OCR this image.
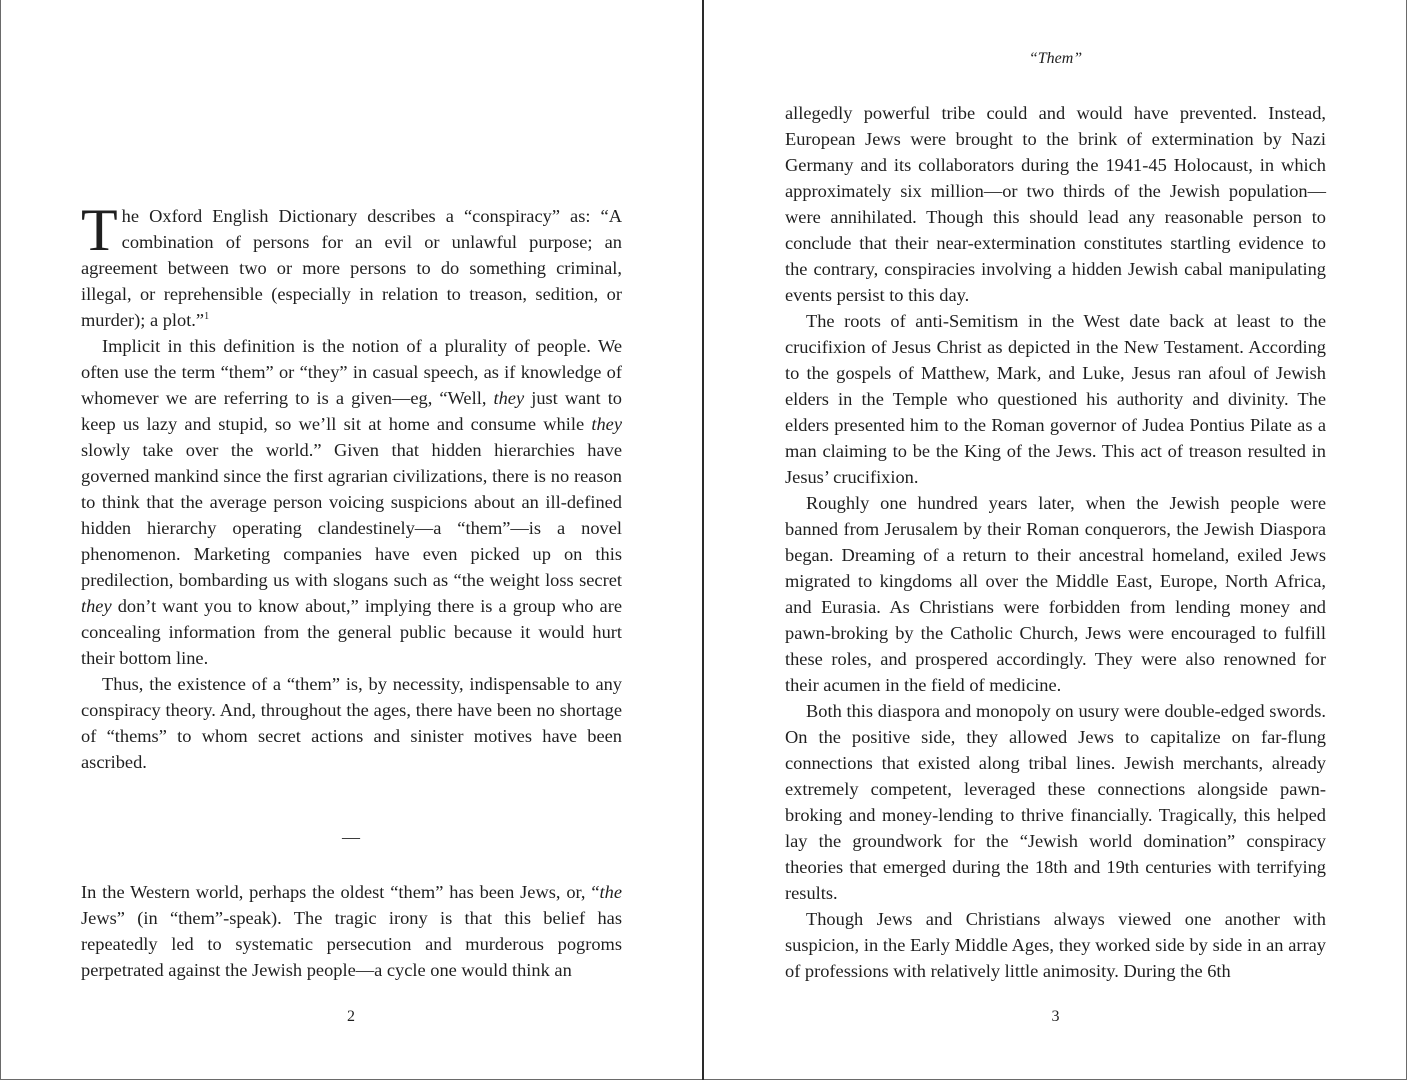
The Oxford English Dictionary describes a “conspiracy” as: “A combination of persons for an evil or unlawful purpose; an agreement between two or more persons to do something criminal, illegal, or reprehensible (especially in relation to treason, sedition, or murder); a plot.”$^1$

Implicit in this definition is the notion of a plurality of people. We often use the term “them” or “they” in casual speech, as if knowledge of whomever we are referring to is a given—eg, “Well, they just want to keep us lazy and stupid, so we’ll sit at home and consume while they slowly take over the world.” Given that hidden hierarchies have governed mankind since the first agrarian civilizations, there is no reason to think that the average person voicing suspicions about an ill-defined hidden hierarchy operating clandestinely—a “them”—is a novel phenomenon. Marketing companies have even picked up on this predilection, bombarding us with slogans such as “the weight loss secret they don’t want you to know about,” implying there is a group who are concealing information from the general public because it would hurt their bottom line.

Thus, the existence of a “them” is, by necessity, indispensable to any conspiracy theory. And, throughout the ages, there have been no shortage of “thems” to whom secret actions and sinister motives have been ascribed.

—

In the Western world, perhaps the oldest “them” has been Jews, or, “the Jews” (in “them”-speak). The tragic irony is that this belief has repeatedly led to systematic persecution and murderous pogroms perpetrated against the Jewish people—a cycle one would think an

2
“Them”

allegedly powerful tribe could and would have prevented. Instead, European Jews were brought to the brink of extermination by Nazi Germany and its collaborators during the 1941-45 Holocaust, in which approximately six million—or two thirds of the Jewish population—were annihilated. Though this should lead any reasonable person to conclude that their near-extermination constitutes startling evidence to the contrary, conspiracies involving a hidden Jewish cabal manipulating events persist to this day.

The roots of anti-Semitism in the West date back at least to the crucifixion of Jesus Christ as depicted in the New Testament. According to the gospels of Matthew, Mark, and Luke, Jesus ran afoul of Jewish elders in the Temple who questioned his authority and divinity. The elders presented him to the Roman governor of Judea Pontius Pilate as a man claiming to be the King of the Jews. This act of treason resulted in Jesus’ crucifixion.

Roughly one hundred years later, when the Jewish people were banned from Jerusalem by their Roman conquerors, the Jewish Diaspora began. Dreaming of a return to their ancestral homeland, exiled Jews migrated to kingdoms all over the Middle East, Europe, North Africa, and Eurasia. As Christians were forbidden from lending money and pawn-broking by the Catholic Church, Jews were encouraged to fulfill these roles, and prospered accordingly. They were also renowned for their acumen in the field of medicine.

Both this diaspora and monopoly on usury were double-edged swords. On the positive side, they allowed Jews to capitalize on far-flung connections that existed along tribal lines. Jewish merchants, already extremely competent, leveraged these connections alongside pawn-broking and money-lending to thrive financially. Tragically, this helped lay the groundwork for the “Jewish world domination” conspiracy theories that emerged during the 18th and 19th centuries with terrifying results.

Though Jews and Christians always viewed one another with suspicion, in the Early Middle Ages, they worked side by side in an array of professions with relatively little animosity. During the 6th

3
